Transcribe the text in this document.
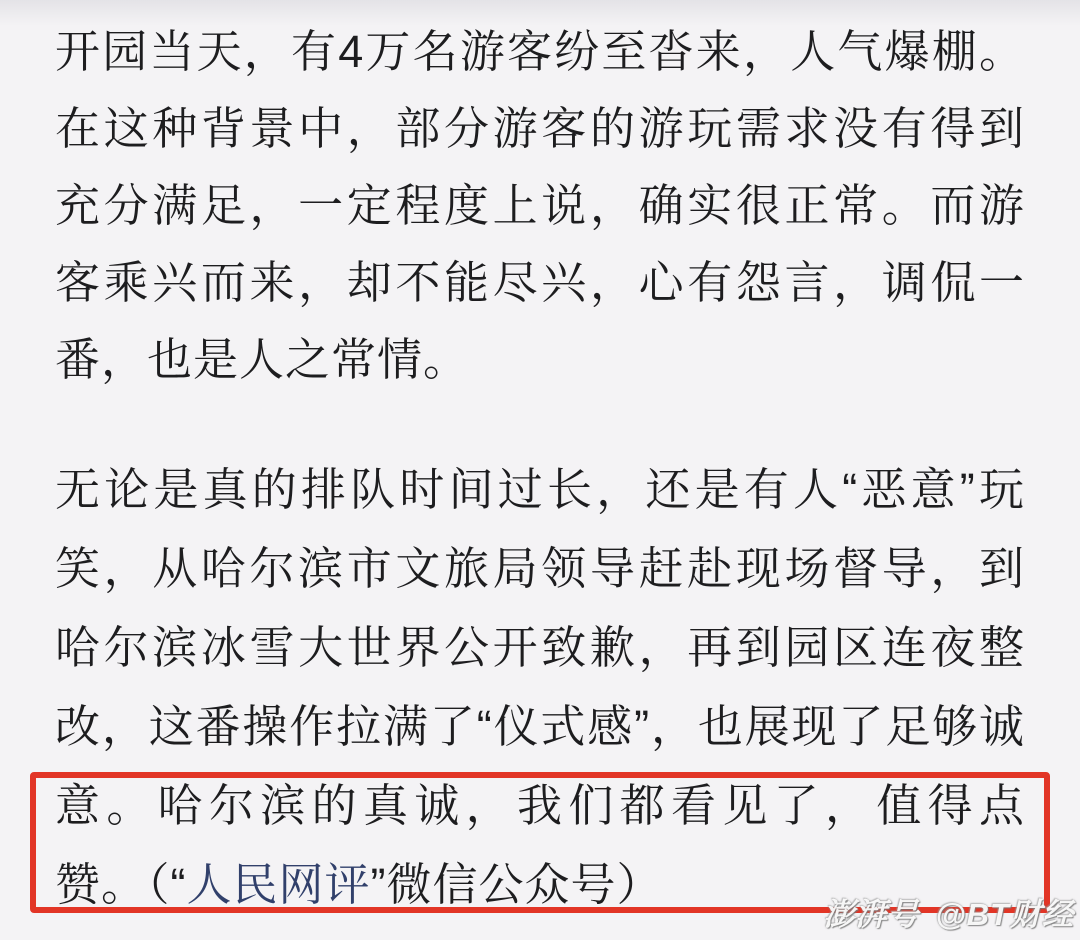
开园当天，有4万名游客纷至沓来，人气爆棚。
在这种背景中，部分游客的游玩需求没有得到
充分满足，一定程度上说，确实很正常。而游
客乘兴而来，却不能尽兴，心有怨言，调侃一
番，也是人之常情。
无论是真的排队时间过长，还是有人“恶意”玩
笑，从哈尔滨市文旅局领导赶赴现场督导，到
哈尔滨冰雪大世界公开致歉，再到园区连夜整
改，这番操作拉满了“仪式感”，也展现了足够诚
意。哈尔滨的真诚，我们都看见了，值得点
赞。（“人民网评”微信公众号）
澎湃号 @BT财经
